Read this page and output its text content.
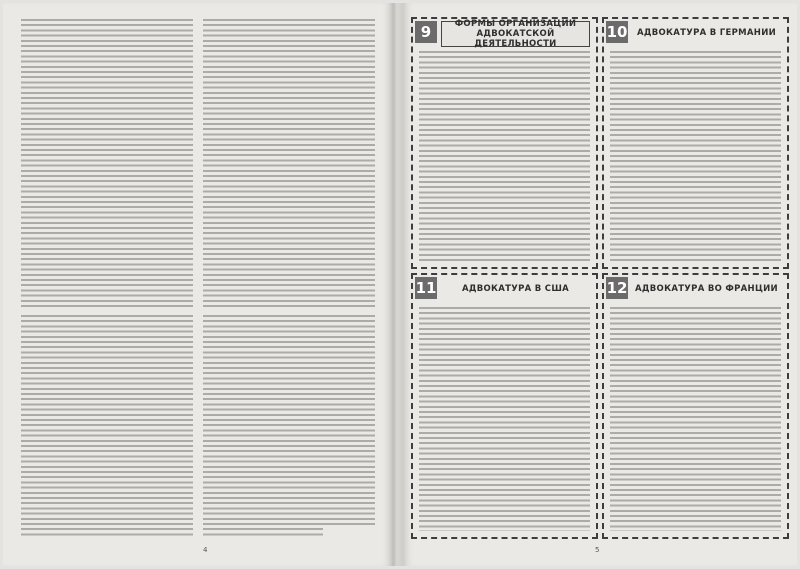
4
9	ФОРМЫ ОРГАНИЗАЦИИ АДВОКАТСКОЙ ДЕЯТЕЛЬНОСТИ
10	АДВОКАТУРА В ГЕРМАНИИ
11	АДВОКАТУРА В США	12 АДВОКАТУРА ВО ФРАНЦИИ
5
